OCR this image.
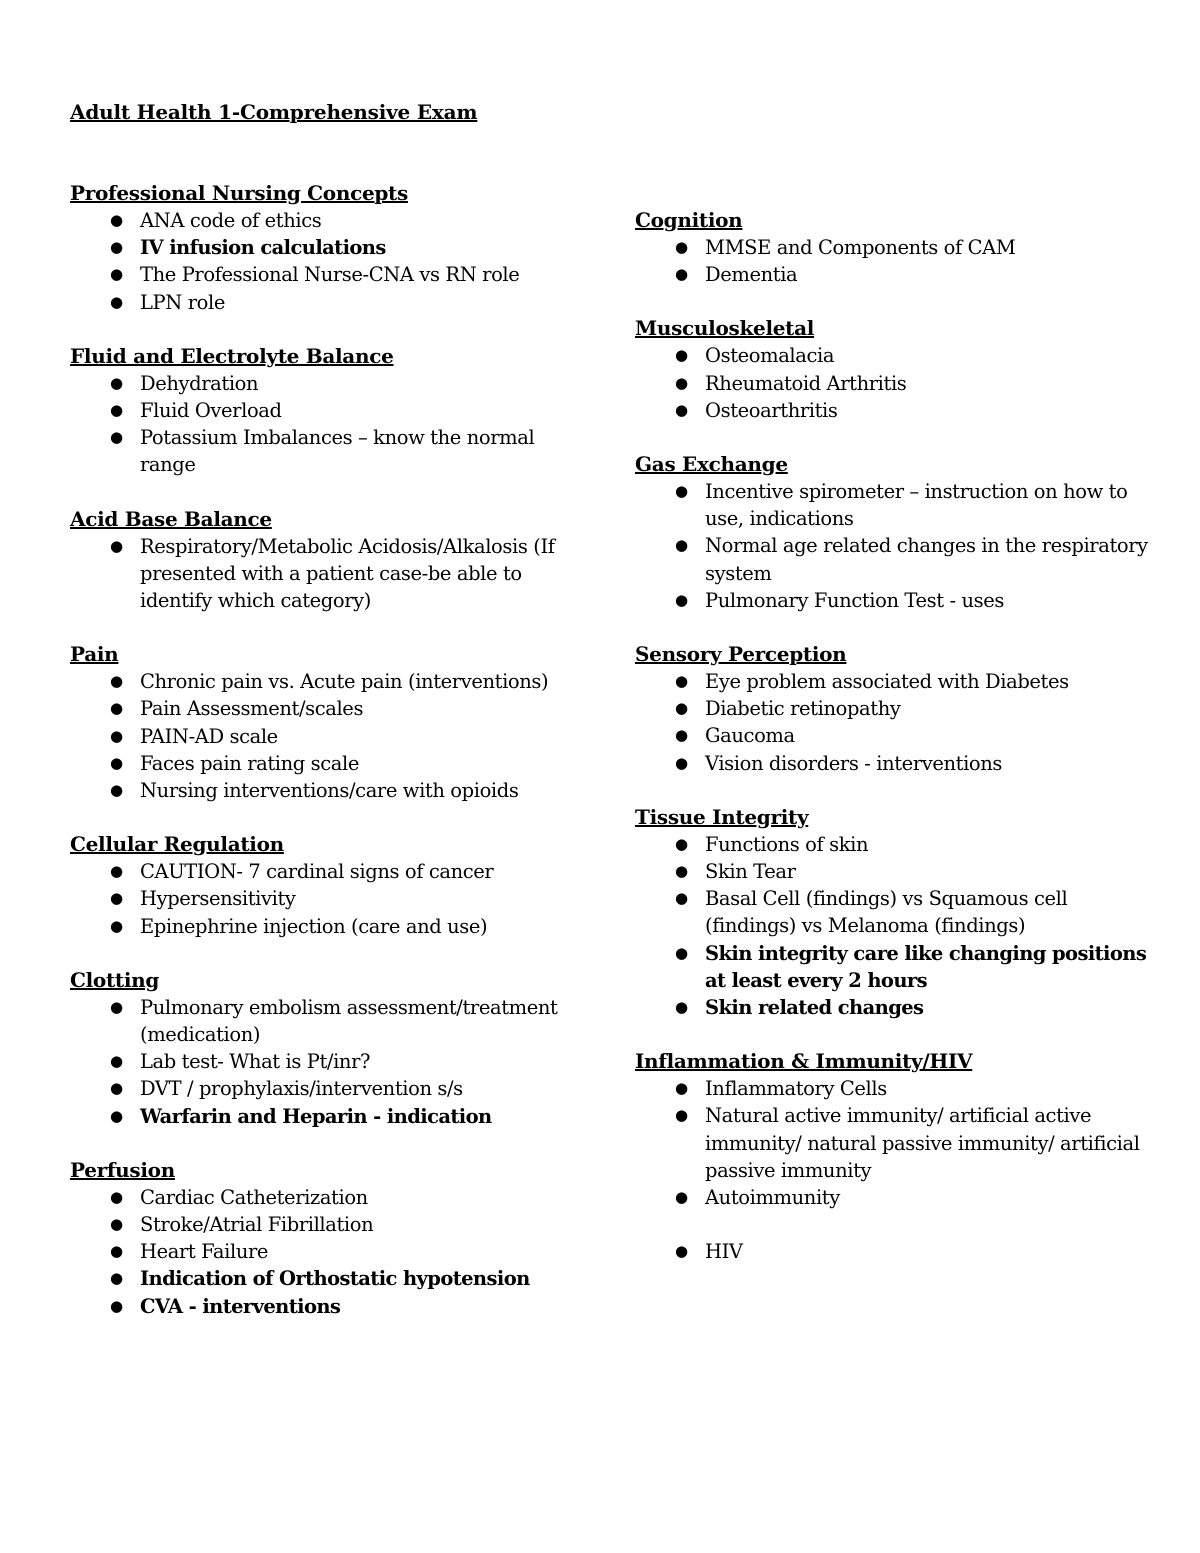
Adult Health 1-Comprehensive Exam
Professional Nursing Concepts
● ANA code of ethics
● IV infusion calculations
● The Professional Nurse-CNA vs RN role
● LPN role
Fluid and Electrolyte Balance
● Dehydration
● Fluid Overload
● Potassium Imbalances – know the normal range
Acid Base Balance
● Respiratory/Metabolic Acidosis/Alkalosis (If presented with a patient case-be able to identify which category)
Pain
● Chronic pain vs. Acute pain (interventions)
● Pain Assessment/scales
● PAIN-AD scale
● Faces pain rating scale
● Nursing interventions/care with opioids
Cellular Regulation
● CAUTION- 7 cardinal signs of cancer
● Hypersensitivity
● Epinephrine injection (care and use)
Clotting
● Pulmonary embolism assessment/treatment (medication)
● Lab test- What is Pt/inr?
● DVT / prophylaxis/intervention s/s
● Warfarin and Heparin - indication
Perfusion
● Cardiac Catheterization
● Stroke/Atrial Fibrillation
● Heart Failure
● Indication of Orthostatic hypotension
● CVA - interventions
Cognition
● MMSE and Components of CAM
● Dementia
Musculoskeletal
● Osteomalacia
● Rheumatoid Arthritis
● Osteoarthritis
Gas Exchange
● Incentive spirometer – instruction on how to use, indications
● Normal age related changes in the respiratory system
● Pulmonary Function Test - uses
Sensory Perception
● Eye problem associated with Diabetes
● Diabetic retinopathy
● Gaucoma
● Vision disorders - interventions
Tissue Integrity
● Functions of skin
● Skin Tear
● Basal Cell (findings) vs Squamous cell (findings) vs Melanoma (findings)
● Skin integrity care like changing positions at least every 2 hours
● Skin related changes
Inflammation & Immunity/HIV
● Inflammatory Cells
● Natural active immunity/ artificial active immunity/ natural passive immunity/ artificial passive immunity
● Autoimmunity
● HIV
